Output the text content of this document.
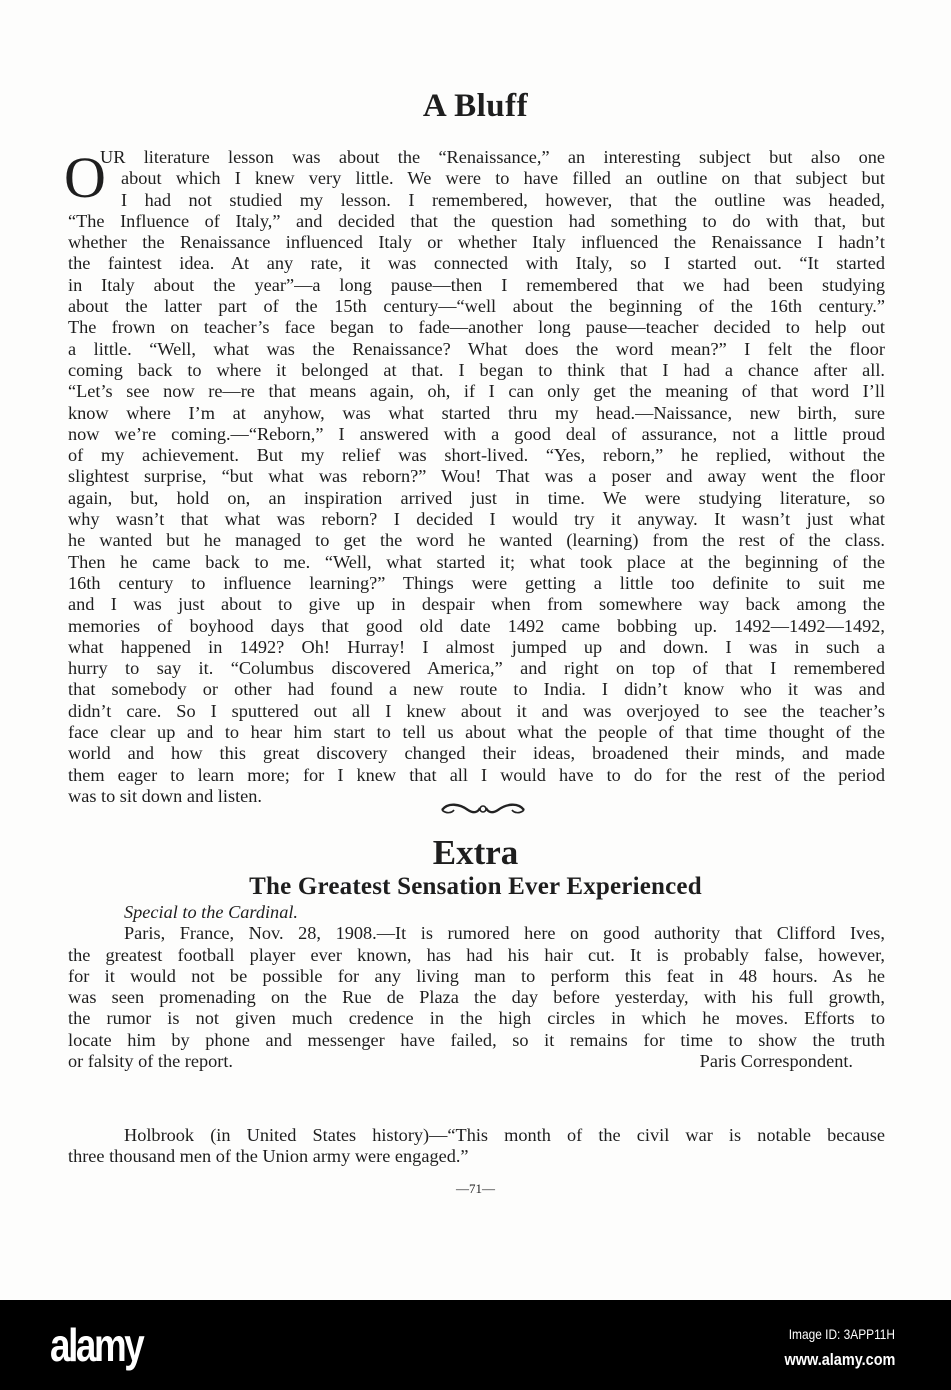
A Bluff
O
UR literature lesson was about the “Renaissance,” an interesting subject but also one
about which I knew very little. We were to have filled an outline on that subject but
I had not studied my lesson. I remembered, however, that the outline was headed,
“The Influence of Italy,” and decided that the question had something to do with that, but
whether the Renaissance influenced Italy or whether Italy influenced the Renaissance I hadn’t
the faintest idea. At any rate, it was connected with Italy, so I started out. “It started
in Italy about the year”—a long pause—then I remembered that we had been studying
about the latter part of the 15th century—“well about the beginning of the 16th century.”
The frown on teacher’s face began to fade—another long pause—teacher decided to help out
a little. “Well, what was the Renaissance? What does the word mean?” I felt the floor
coming back to where it belonged at that. I began to think that I had a chance after all.
“Let’s see now re—re that means again, oh, if I can only get the meaning of that word I’ll
know where I’m at anyhow, was what started thru my head.—Naissance, new birth, sure
now we’re coming.—“Reborn,” I answered with a good deal of assurance, not a little proud
of my achievement. But my relief was short-lived. “Yes, reborn,” he replied, without the
slightest surprise, “but what was reborn?” Wou! That was a poser and away went the floor
again, but, hold on, an inspiration arrived just in time. We were studying literature, so
why wasn’t that what was reborn? I decided I would try it anyway. It wasn’t just what
he wanted but he managed to get the word he wanted (learning) from the rest of the class.
Then he came back to me. “Well, what started it; what took place at the beginning of the
16th century to influence learning?” Things were getting a little too definite to suit me
and I was just about to give up in despair when from somewhere way back among the
memories of boyhood days that good old date 1492 came bobbing up. 1492—1492—1492,
what happened in 1492? Oh! Hurray! I almost jumped up and down. I was in such a
hurry to say it. “Columbus discovered America,” and right on top of that I remembered
that somebody or other had found a new route to India. I didn’t know who it was and
didn’t care. So I sputtered out all I knew about it and was overjoyed to see the teacher’s
face clear up and to hear him start to tell us about what the people of that time thought of the
world and how this great discovery changed their ideas, broadened their minds, and made
them eager to learn more; for I knew that all I would have to do for the rest of the period
was to sit down and listen.
Extra
The Greatest Sensation Ever Experienced
Special to the Cardinal.
Paris, France, Nov. 28, 1908.—It is rumored here on good authority that Clifford Ives,
the greatest football player ever known, has had his hair cut. It is probably false, however,
for it would not be possible for any living man to perform this feat in 48 hours. As he
was seen promenading on the Rue de Plaza the day before yesterday, with his full growth,
the rumor is not given much credence in the high circles in which he moves. Efforts to
locate him by phone and messenger have failed, so it remains for time to show the truth
or falsity of the report.	Paris Correspondent.
Holbrook (in United States history)—“This month of the civil war is notable because
three thousand men of the Union army were engaged.”
—71—
alamy	Image ID: 3APP11H
www.alamy.com
